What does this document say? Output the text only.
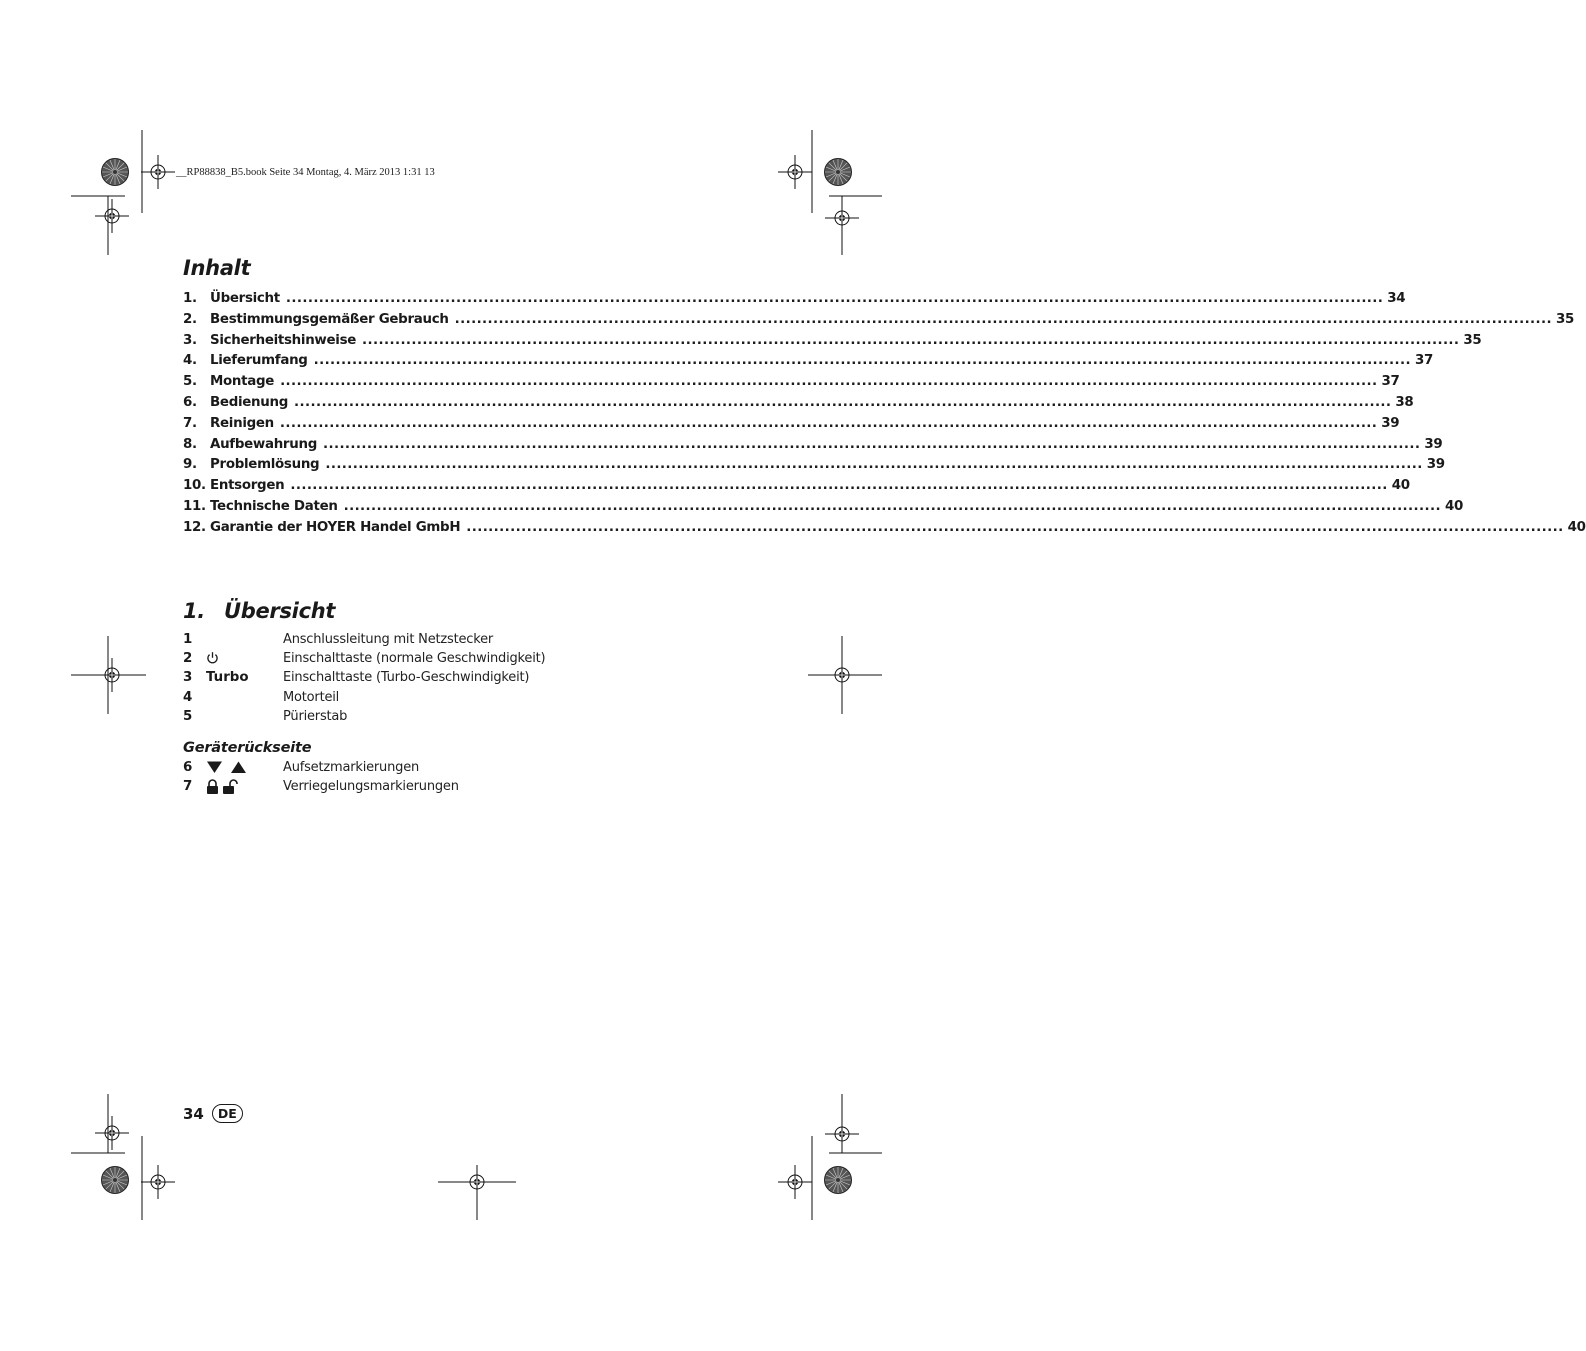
__RP88838_B5.book Seite 34 Montag, 4. März 2013 1:31 13
Inhalt
1. Übersicht ........................................................................................................................................................................................................ 34
2. Bestimmungsgemäßer Gebrauch ........................................................................................................................................................................................................ 35
3. Sicherheitshinweise ........................................................................................................................................................................................................ 35
4. Lieferumfang ........................................................................................................................................................................................................ 37
5. Montage ........................................................................................................................................................................................................ 37
6. Bedienung ........................................................................................................................................................................................................ 38
7. Reinigen ........................................................................................................................................................................................................ 39
8. Aufbewahrung ........................................................................................................................................................................................................ 39
9. Problemlösung ........................................................................................................................................................................................................ 39
10. Entsorgen ........................................................................................................................................................................................................ 40
11. Technische Daten ........................................................................................................................................................................................................ 40
12. Garantie der HOYER Handel GmbH ........................................................................................................................................................................................................ 40
1. Übersicht
1	Anschlussleitung mit Netzstecker
2	Einschalttaste (normale Geschwindigkeit)
3 Turbo	Einschalttaste (Turbo-Geschwindigkeit)
4	Motorteil
5	Pürierstab
Geräterückseite
6	Aufsetzmarkierungen
7	Verriegelungsmarkierungen
34	DE
